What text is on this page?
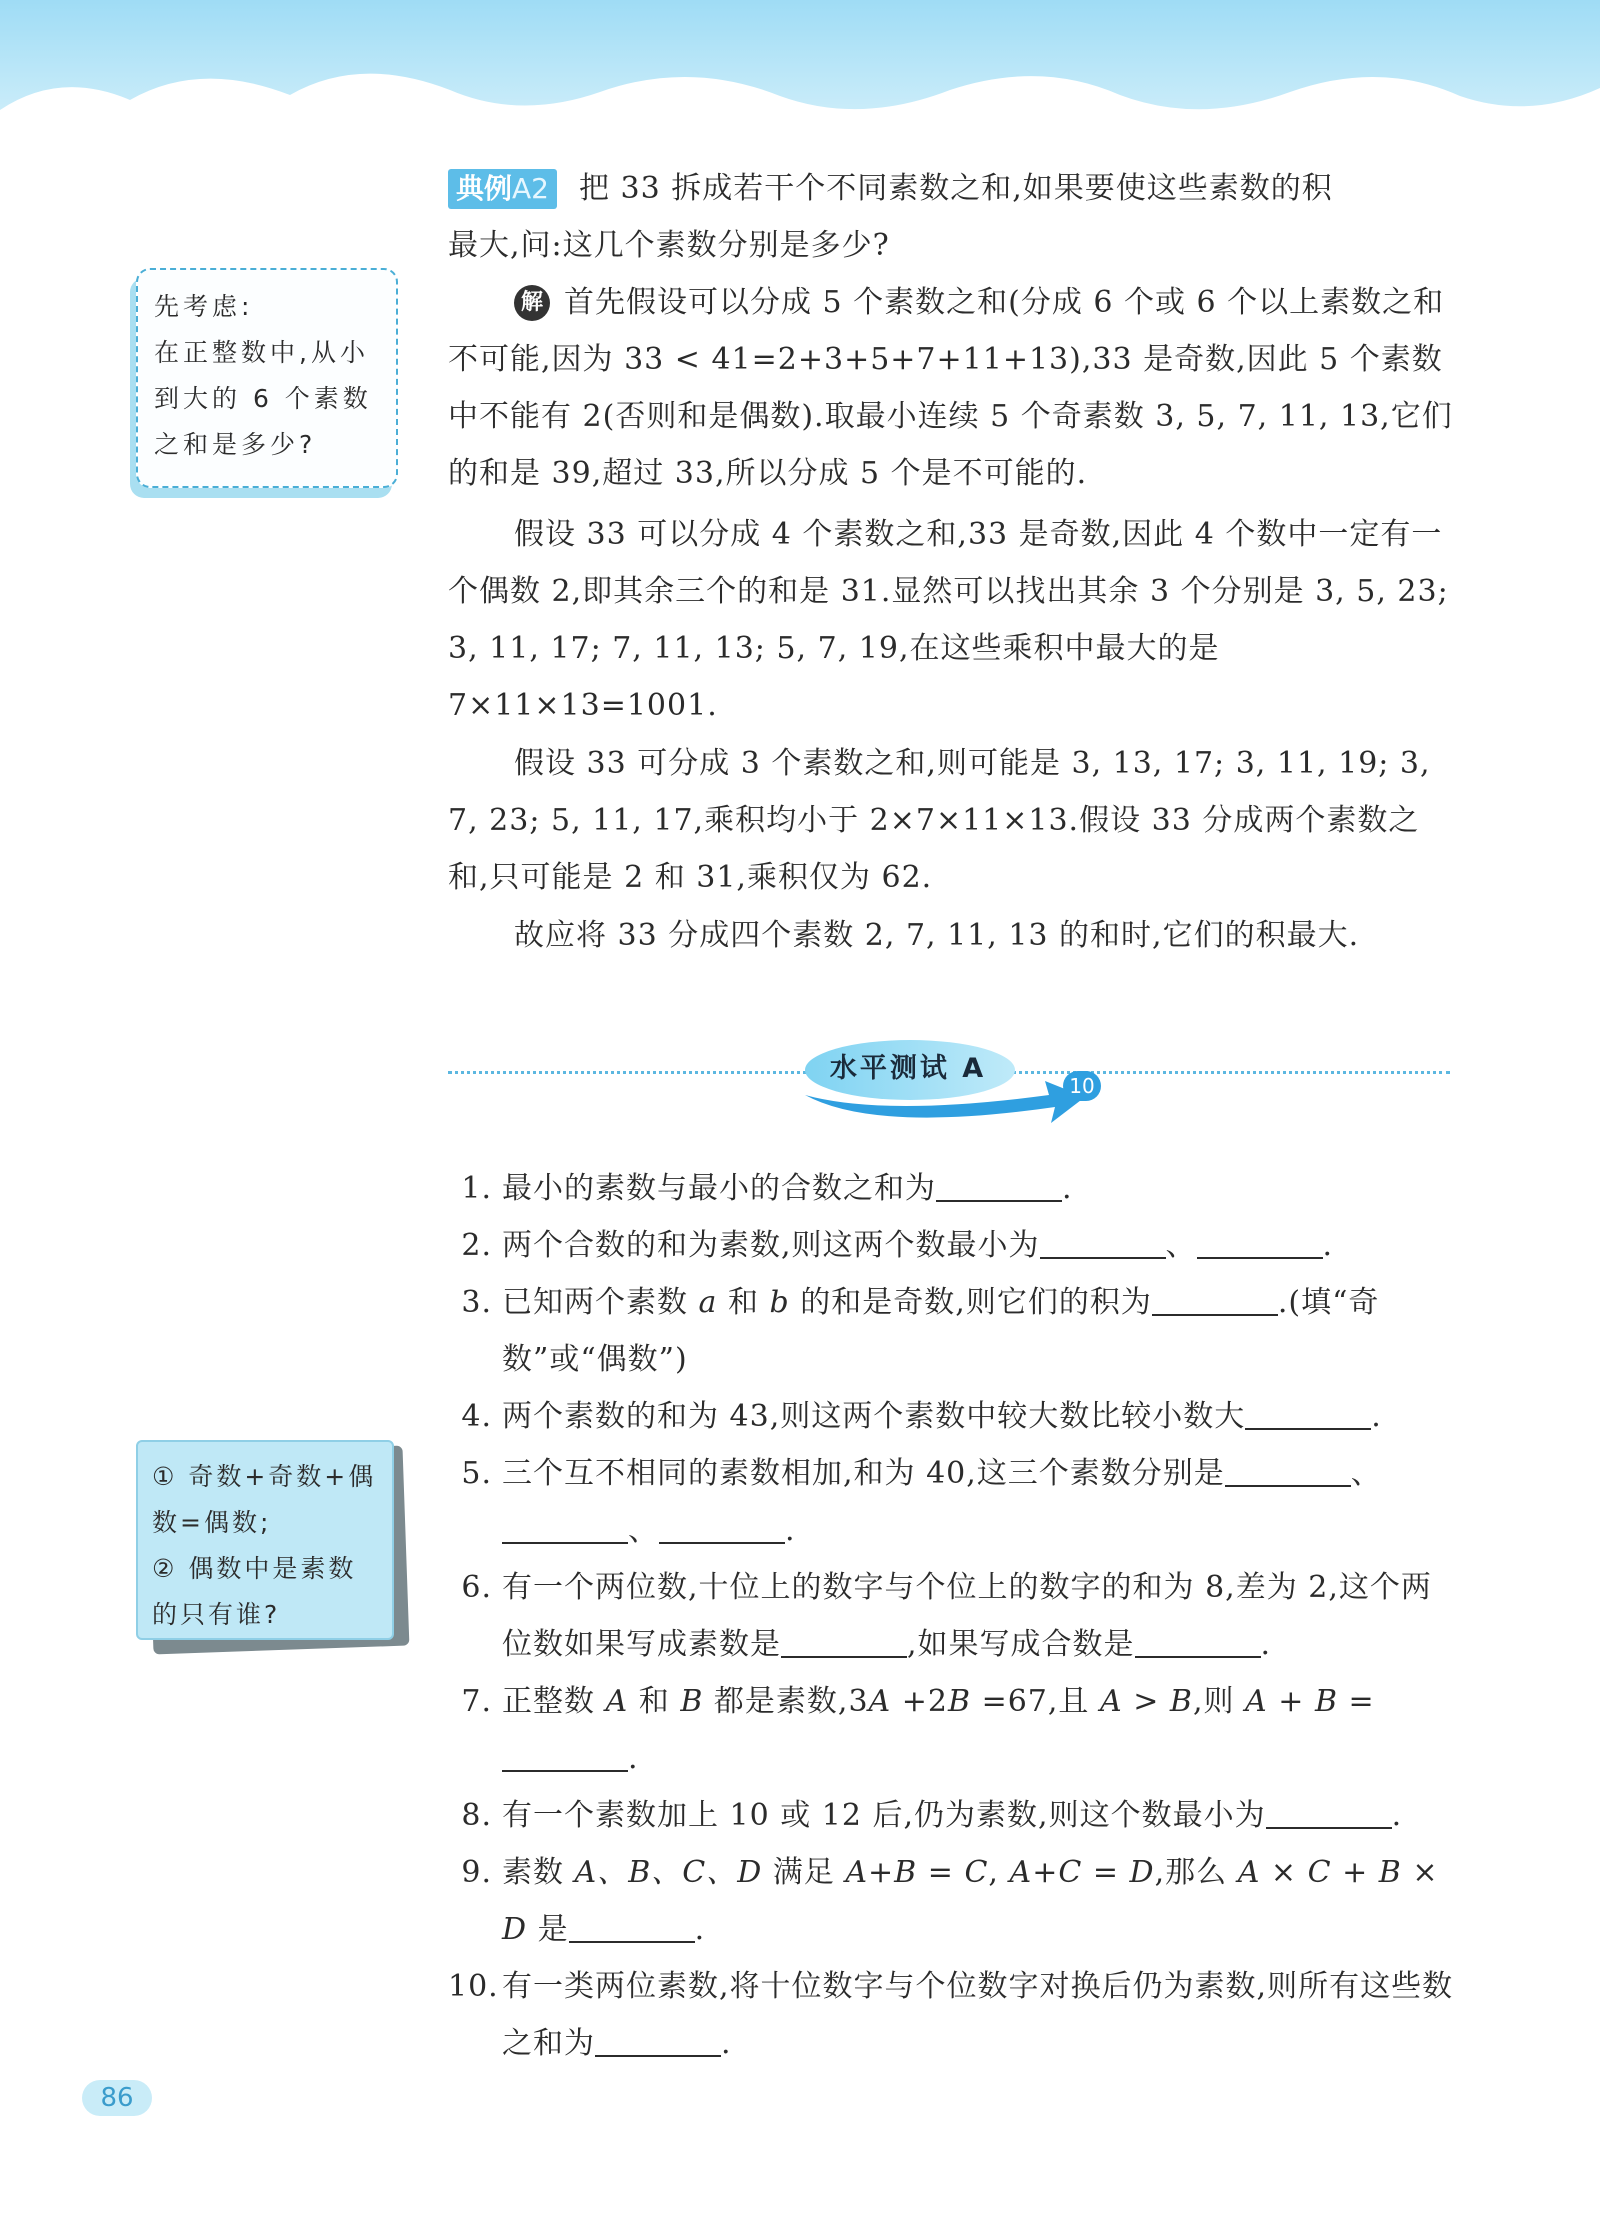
典例A2 把 33 拆成若干个不同素数之和,如果要使这些素数的积
最大,问:这几个素数分别是多少?

解 首先假设可以分成 5 个素数之和(分成 6 个或 6 个以上素数之和不可能,因为 33 < 41=2+3+5+7+11+13),33 是奇数,因此 5 个素数中不能有 2(否则和是偶数).取最小连续 5 个奇素数 3, 5, 7, 11, 13,它们的和是 39,超过 33,所以分成 5 个是不可能的.

假设 33 可以分成 4 个素数之和,33 是奇数,因此 4 个数中一定有一个偶数 2,即其余三个的和是 31.显然可以找出其余 3 个分别是 3, 5, 23; 3, 11, 17; 7, 11, 13; 5, 7, 19,在这些乘积中最大的是 7×11×13=1001.

假设 33 可分成 3 个素数之和,则可能是 3, 13, 17; 3, 11, 19; 3, 7, 23; 5, 11, 17,乘积均小于 2×7×11×13.假设 33 分成两个素数之和,只可能是 2 和 31,乘积仅为 62.

故应将 33 分成四个素数 2, 7, 11, 13 的和时,它们的积最大.

先考虑:
在正整数中,从小到大的 6 个素数之和是多少?
水平测试 A
10
1. 最小的素数与最小的合数之和为	.
2. 两个合数的和为素数,则这两个数最小为	、	.
3. 已知两个素数 a 和 b 的和是奇数,则它们的积为	.(填“奇数”或“偶数”)
4. 两个素数的和为 43,则这两个素数中较大数比较小数大	.
5. 三个互不相同的素数相加,和为 40,这三个素数分别是	、
、	.
6. 有一个两位数,十位上的数字与个位上的数字的和为 8,差为 2,这个两位数如果写成素数是	,如果写成合数是	.
7. 正整数 A 和 B 都是素数,3A +2B =67,且 A > B,则 A + B =
.
8. 有一个素数加上 10 或 12 后,仍为素数,则这个数最小为	.
9. 素数 A、B、C、D 满足 A+B = C, A+C = D,那么 A × C + B ×
D 是	.
10. 有一类两位素数,将十位数字与个位数字对换后仍为素数,则所有这些数之和为	.
① 奇数+奇数+偶数=偶数;
② 偶数中是素数的只有谁?
86
